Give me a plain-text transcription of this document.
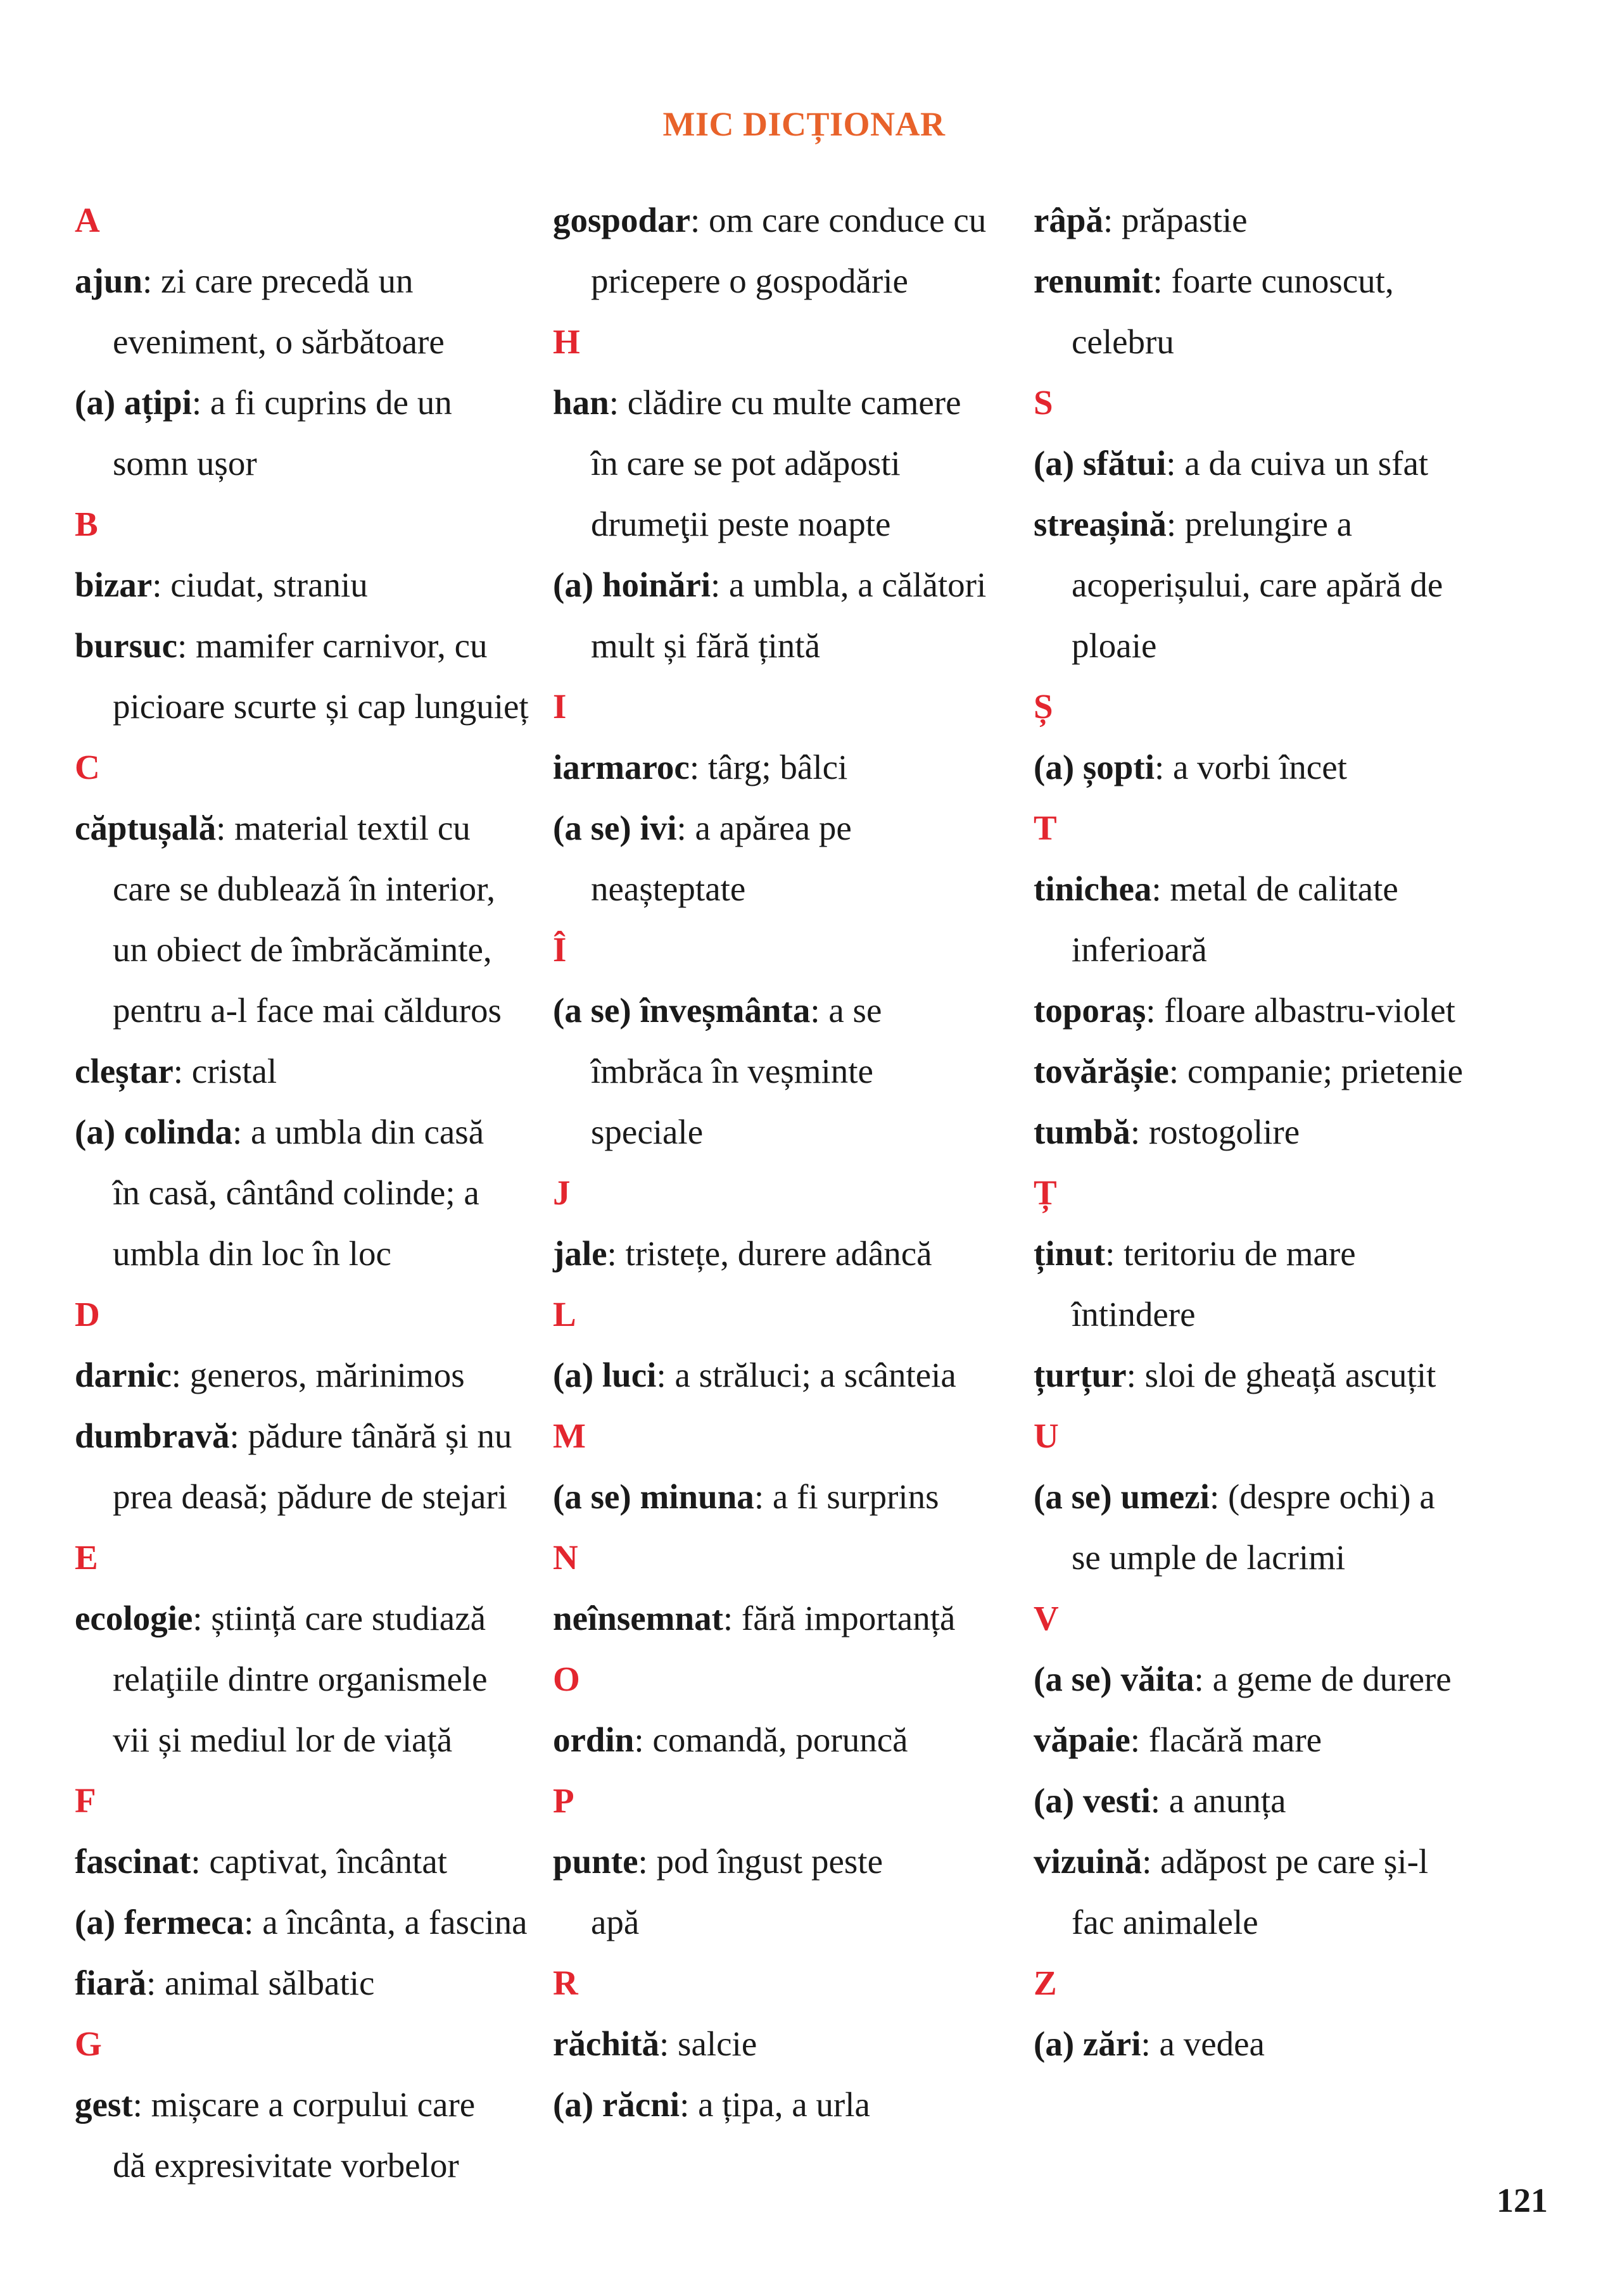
MIC DICȚIONAR
A
ajun: zi care precedă un
eveniment, o sărbătoare
(a) ațipi: a fi cuprins de un
somn ușor
B
bizar: ciudat, straniu
bursuc: mamifer carnivor, cu
picioare scurte și cap lunguieț
C
căptușală: material textil cu
care se dublează în interior,
un obiect de îmbrăcăminte,
pentru a-l face mai călduros
cleștar: cristal
(a) colinda: a umbla din casă
în casă, cântând colinde; a
umbla din loc în loc
D
darnic: generos, mărinimos
dumbravă: pădure tânără și nu
prea deasă; pădure de stejari
E
ecologie: știință care studiază
relaţiile dintre organismele
vii și mediul lor de viață
F
fascinat: captivat, încântat
(a) fermeca: a încânta, a fascina
fiară: animal sălbatic
G
gest: mișcare a corpului care
dă expresivitate vorbelor
gospodar: om care conduce cu
pricepere o gospodărie
H
han: clădire cu multe camere
în care se pot adăposti
drumeţii peste noapte
(a) hoinări: a umbla, a călători
mult și fără țintă
I
iarmaroc: târg; bâlci
(a se) ivi: a apărea pe
neașteptate
Î
(a se) înveșmânta: a se
îmbrăca în veșminte
speciale
J
jale: tristețe, durere adâncă
L
(a) luci: a străluci; a scânteia
M
(a se) minuna: a fi surprins
N
neînsemnat: fără importanță
O
ordin: comandă, poruncă
P
punte: pod îngust peste
apă
R
răchită: salcie
(a) răcni: a țipa, a urla
râpă: prăpastie
renumit: foarte cunoscut,
celebru
S
(a) sfătui: a da cuiva un sfat
streașină: prelungire a
acoperișului, care apără de
ploaie
Ș
(a) șopti: a vorbi încet
T
tinichea: metal de calitate
inferioară
toporaș: floare albastru-violet
tovărășie: companie; prietenie
tumbă: rostogolire
Ț
ținut: teritoriu de mare
întindere
țurțur: sloi de gheață ascuțit
U
(a se) umezi: (despre ochi) a
se umple de lacrimi
V
(a se) văita: a geme de durere
văpaie: flacără mare
(a) vesti: a anunța
vizuină: adăpost pe care și-l
fac animalele
Z
(a) zări: a vedea
121
